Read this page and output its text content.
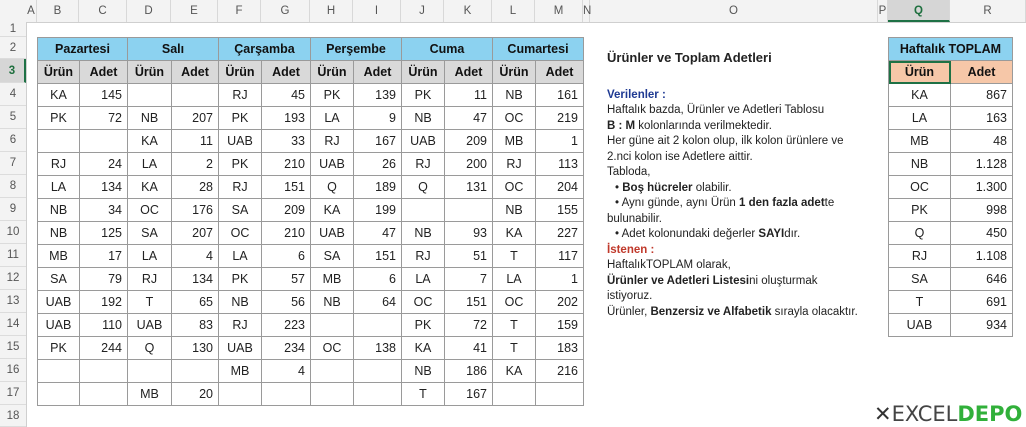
A	B	C	D	E	F	G	H	I	J	K	L	M	N	O	P	Q	R
1
2
3
4
5
6
7
8
9
10
11
12
13
14
15
16
17
18
Pazartesi		Salı		Çarşamba		Perşembe		Cuma		Cumartesi	
Ürün	Adet	Ürün	Adet	Ürün	Adet	Ürün	Adet	Ürün	Adet	Ürün	Adet
KA	145			RJ	45	PK	139	PK	11	NB	161
PK	72	NB	207	PK	193	LA	9	NB	47	OC	219
		KA	11	UAB	33	RJ	167	UAB	209	MB	1
RJ	24	LA	2	PK	210	UAB	26	RJ	200	RJ	113
LA	134	KA	28	RJ	151	Q	189	Q	131	OC	204
NB	34	OC	176	SA	209	KA	199			NB	155
NB	125	SA	207	OC	210	UAB	47	NB	93	KA	227
MB	17	LA	4	LA	6	SA	151	RJ	51	T	117
SA	79	RJ	134	PK	57	MB	6	LA	7	LA	1
UAB	192	T	65	NB	56	NB	64	OC	151	OC	202
UAB	110	UAB	83	RJ	223			PK	72	T	159
PK	244	Q	130	UAB	234	OC	138	KA	41	T	183
				MB	4			NB	186	KA	216
		MB	20					T	167		
Haftalık TOPLAM	
Ürün	Adet
KA	867
LA	163
MB	48
NB	1.128
OC	1.300
PK	998
Q	450
RJ	1.108
SA	646
T	691
UAB	934
Ürünler ve Toplam Adetleri
Verilenler :
Haftalık bazda, Ürünler ve Adetleri Tablosu
B : M kolonlarında verilmektedir.
Her güne ait 2 kolon olup, ilk kolon ürünlere ve
2.nci kolon ise Adetlere aittir.
Tabloda,
• Boş hücreler olabilir.
• Aynı günde, aynı Ürün 1 den fazla adette
bulunabilir.
• Adet kolonundaki değerler SAYIdır.
İstenen :
HaftalıkTOPLAM olarak,
Ürünler ve Adetleri Listesini oluşturmak
istiyoruz.
Ürünler, Benzersiz ve Alfabetik sırayla olacaktır.
✕EXCELDEPO
